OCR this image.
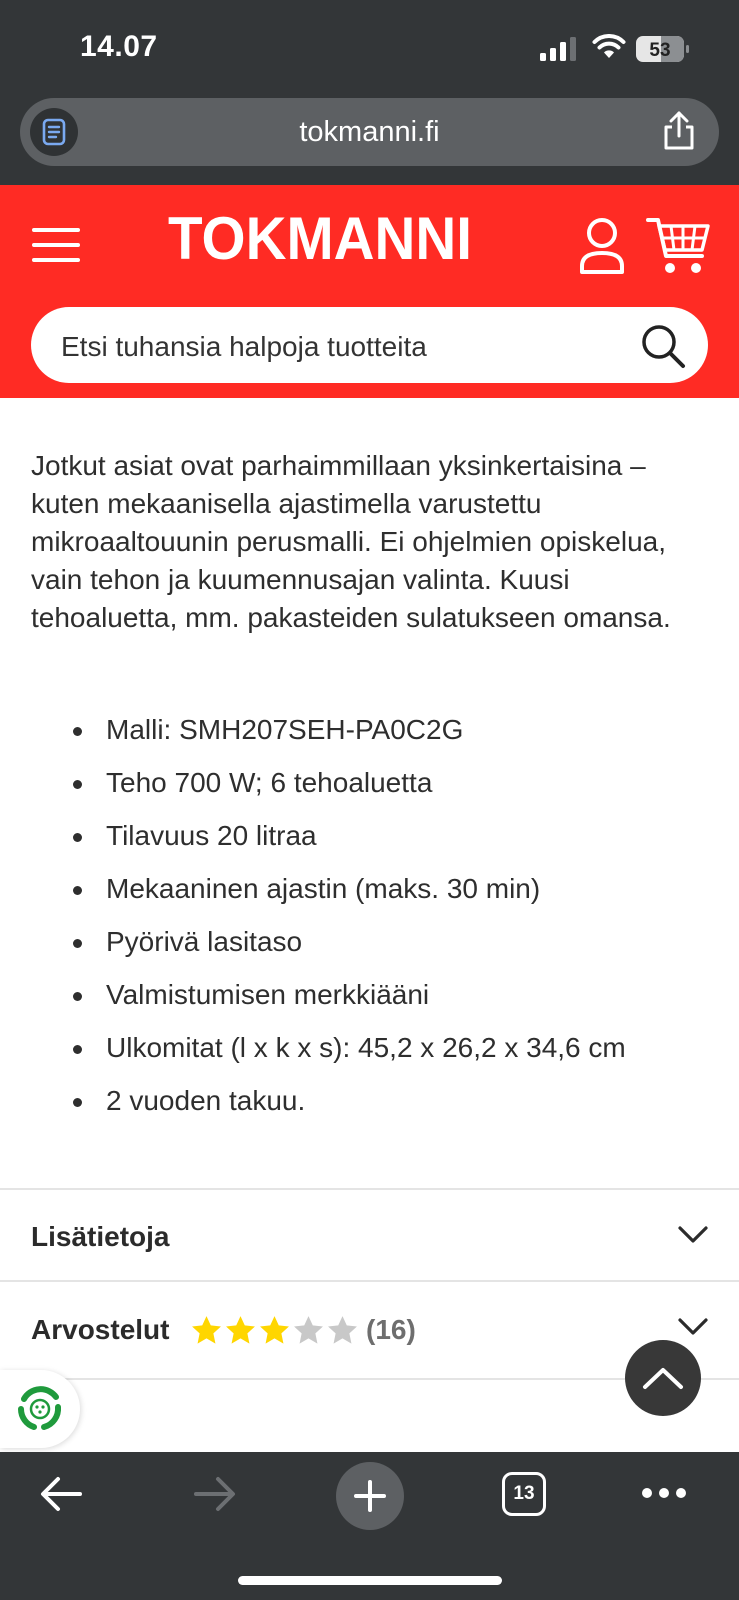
14.07	53
tokmanni.fi
TOKMANNI
Etsi tuhansia halpoja tuotteita

Jotkut asiat ovat parhaimmillaan yksinkertaisina – kuten mekaanisella ajastimella varustettu mikroaaltouunin perusmalli. Ei ohjelmien opiskelua, vain tehon ja kuumennusajan valinta. Kuusi tehoaluetta, mm. pakasteiden sulatukseen omansa.

Malli: SMH207SEH-PA0C2G
Teho 700 W; 6 tehoaluetta
Tilavuus 20 litraa
Mekaaninen ajastin (maks. 30 min)
Pyörivä lasitaso
Valmistumisen merkkiääni
Ulkomitat (l x k x s): 45,2 x 26,2 x 34,6 cm
2 vuoden takuu.
Lisätietoja
Arvostelut	(16)
13
